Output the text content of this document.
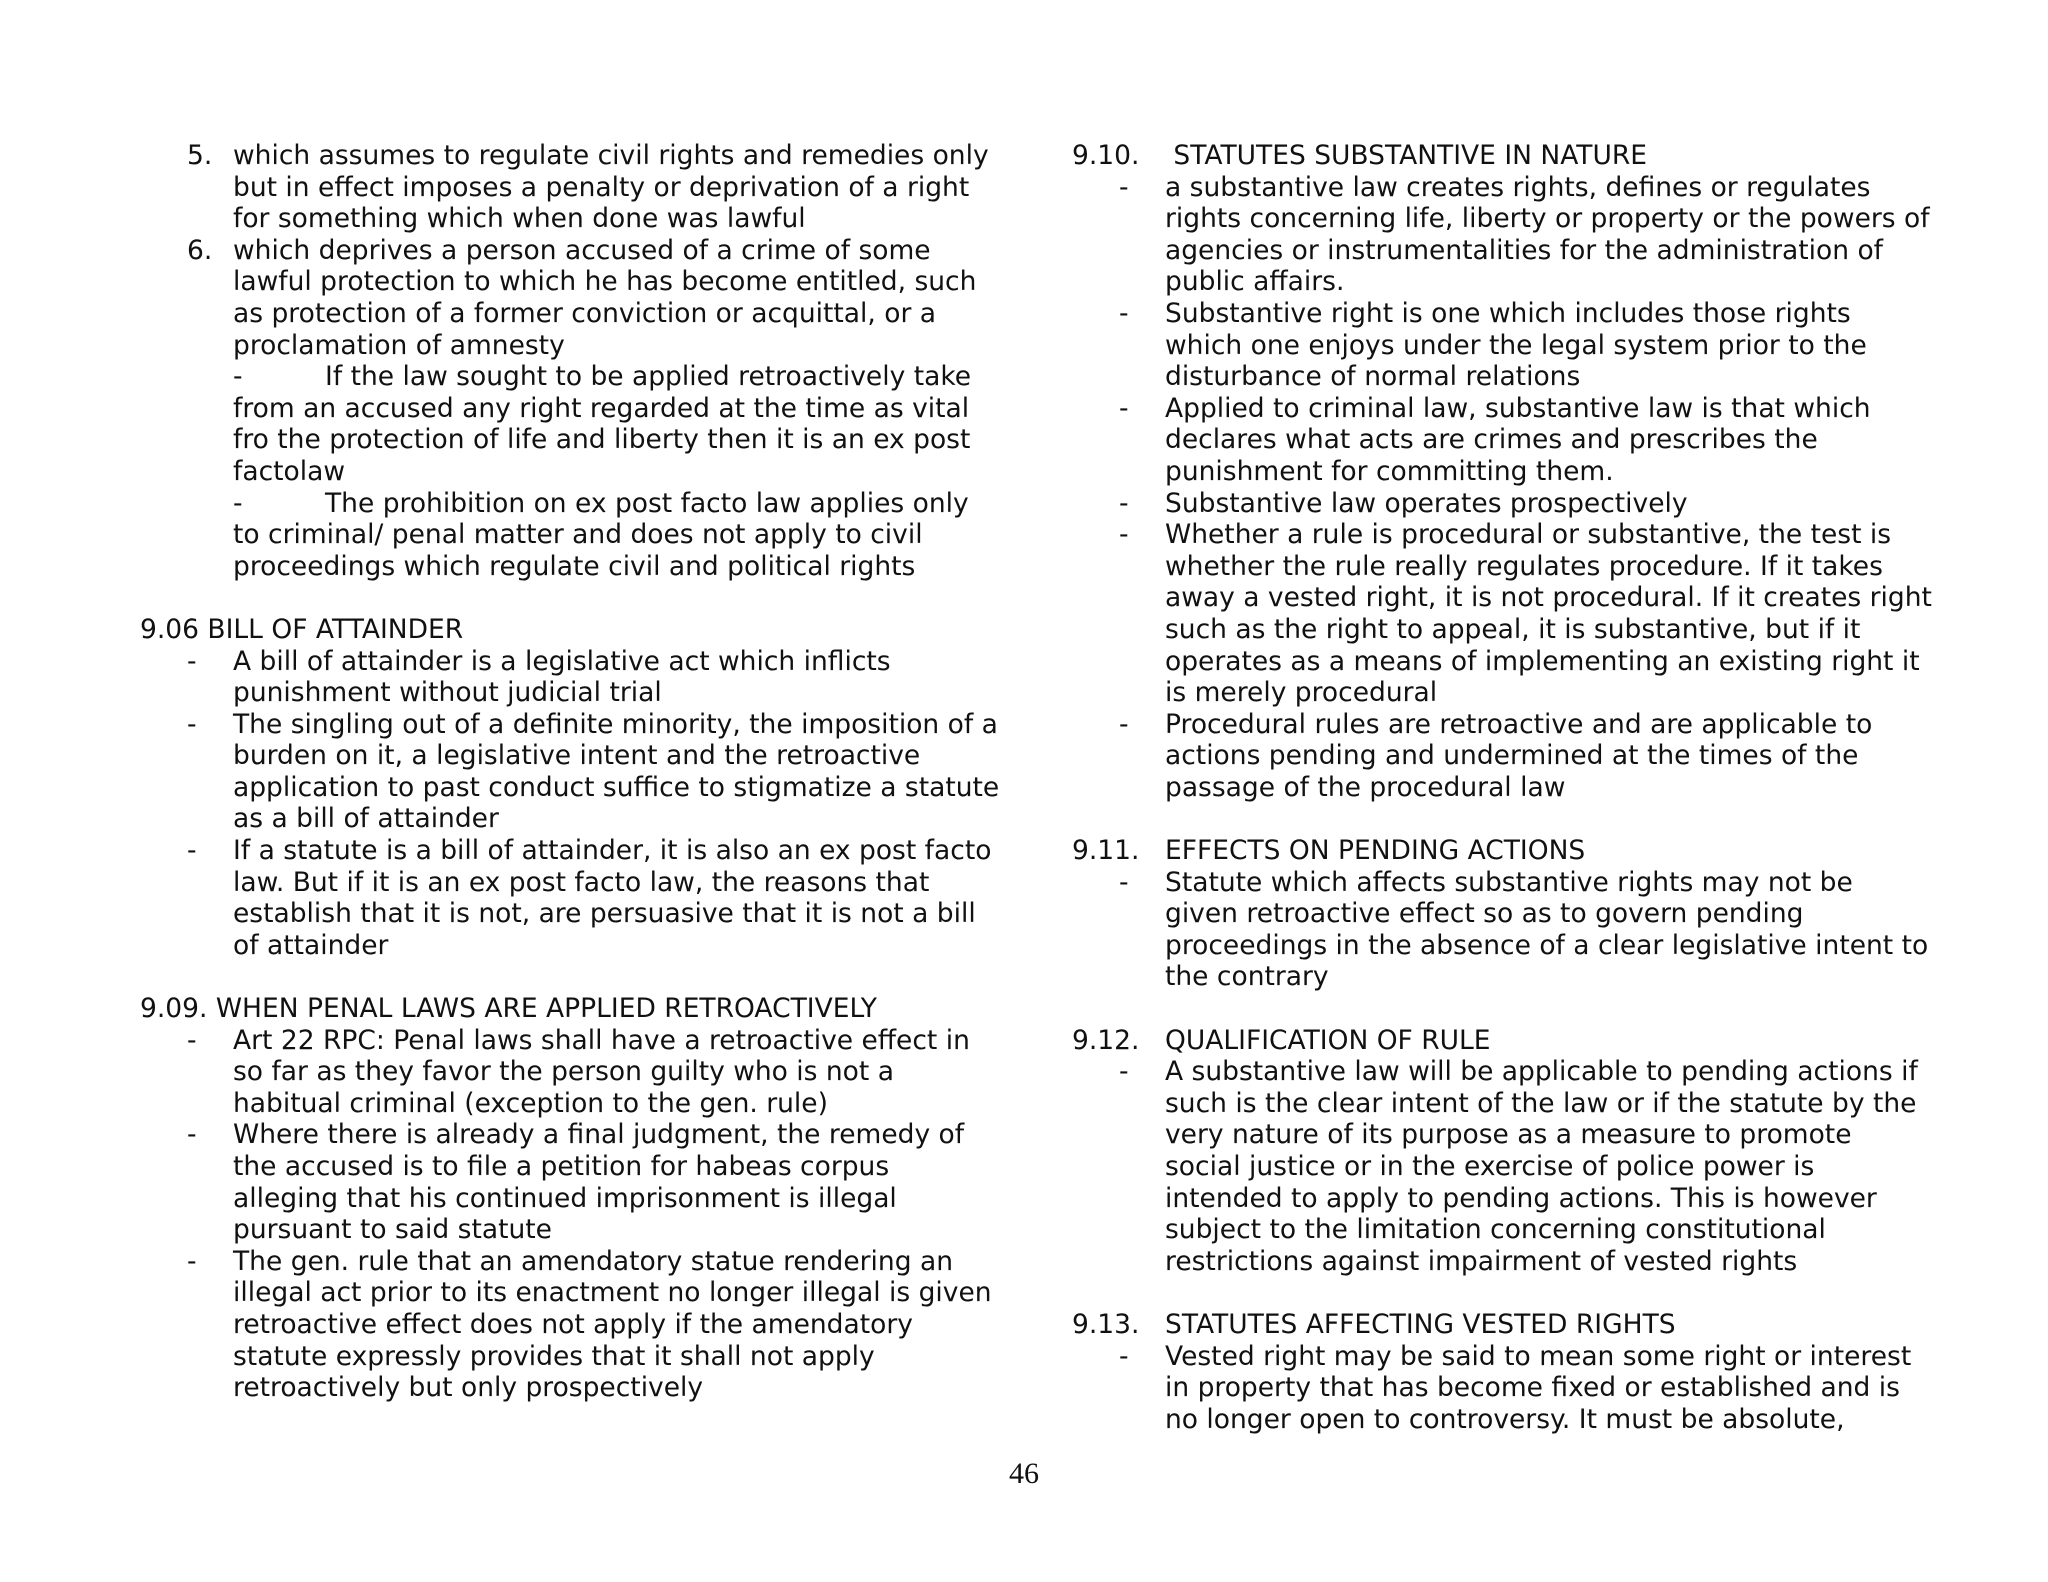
5. which assumes to regulate civil rights and remedies only but in effect imposes a penalty or deprivation of a right for something which when done was lawful
6. which deprives a person accused of a crime of some lawful protection to which he has become entitled, such as protection of a former conviction or acquittal, or a proclamation of amnesty
-	If the law sought to be applied retroactively take from an accused any right regarded at the time as vital fro the protection of life and liberty then it is an ex post factolaw
-	The prohibition on ex post facto law applies only to criminal/ penal matter and does not apply to civil proceedings which regulate civil and political rights
9.06 BILL OF ATTAINDER
- A bill of attainder is a legislative act which inflicts punishment without judicial trial
- The singling out of a definite minority, the imposition of a burden on it, a legislative intent and the retroactive application to past conduct suffice to stigmatize a statute as a bill of attainder
- If a statute is a bill of attainder, it is also an ex post facto law. But if it is an ex post facto law, the reasons that establish that it is not, are persuasive that it is not a bill of attainder
9.09. WHEN PENAL LAWS ARE APPLIED RETROACTIVELY
- Art 22 RPC: Penal laws shall have a retroactive effect in so far as they favor the person guilty who is not a habitual criminal (exception to the gen. rule)
- Where there is already a final judgment, the remedy of the accused is to file a petition for habeas corpus alleging that his continued imprisonment is illegal pursuant to said statute
- The gen. rule that an amendatory statue rendering an illegal act prior to its enactment no longer illegal is given retroactive effect does not apply if the amendatory statute expressly provides that it shall not apply retroactively but only prospectively
9.10. STATUTES SUBSTANTIVE IN NATURE
- a substantive law creates rights, defines or regulates rights concerning life, liberty or property or the powers of agencies or instrumentalities for the administration of public affairs.
- Substantive right is one which includes those rights which one enjoys under the legal system prior to the disturbance of normal relations
- Applied to criminal law, substantive law is that which declares what acts are crimes and prescribes the punishment for committing them.
- Substantive law operates prospectively
- Whether a rule is procedural or substantive, the test is whether the rule really regulates procedure. If it takes away a vested right, it is not procedural. If it creates right such as the right to appeal, it is substantive, but if it operates as a means of implementing an existing right it is merely procedural
- Procedural rules are retroactive and are applicable to actions pending and undermined at the times of the passage of the procedural law
9.11. EFFECTS ON PENDING ACTIONS
- Statute which affects substantive rights may not be given retroactive effect so as to govern pending proceedings in the absence of a clear legislative intent to the contrary
9.12. QUALIFICATION OF RULE
- A substantive law will be applicable to pending actions if such is the clear intent of the law or if the statute by the very nature of its purpose as a measure to promote social justice or in the exercise of police power is intended to apply to pending actions. This is however subject to the limitation concerning constitutional restrictions against impairment of vested rights
9.13. STATUTES AFFECTING VESTED RIGHTS
- Vested right may be said to mean some right or interest in property that has become fixed or established and is no longer open to controversy. It must be absolute,
46
